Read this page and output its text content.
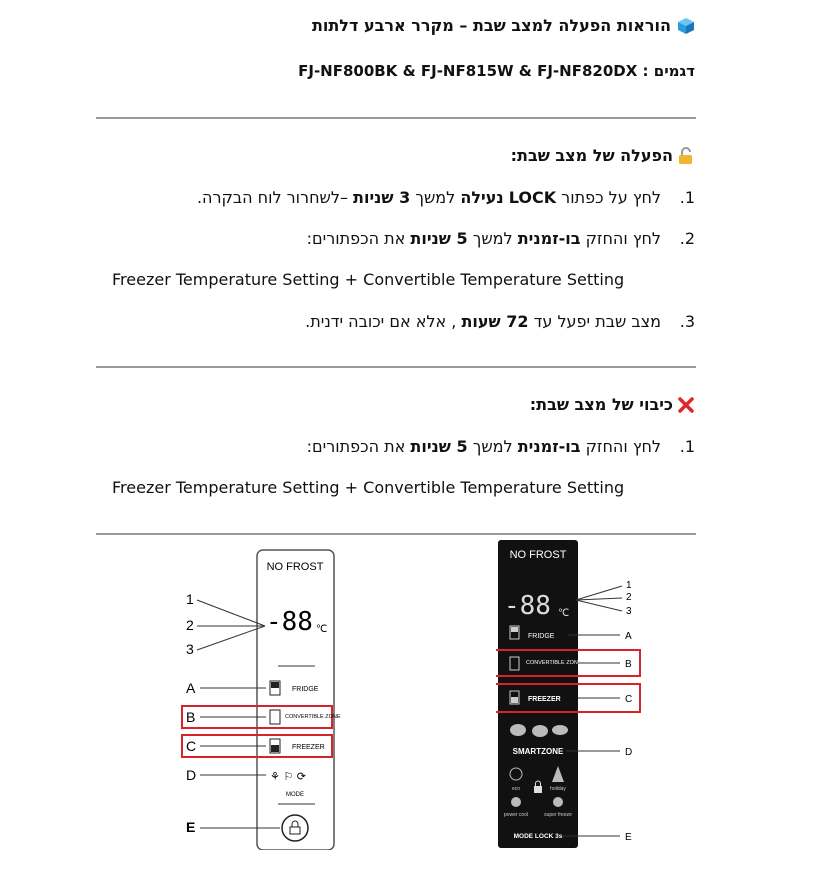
הוראות הפעלה למצב שבת – מקרר ארבע דלתות
דגמים : FJ-NF800BK & FJ-NF815W & FJ-NF820DX
הפעלה של מצב שבת:
1.לחץ על כפתור LOCK נעילה למשך 3 שניות –לשחרור לוח הבקרה.
2.לחץ והחזק בו-זמנית למשך 5 שניות את הכפתורים:
Freezer Temperature Setting + Convertible Temperature Setting
3.מצב שבת יפעל עד 72 שעות , אלא אם יכובה ידנית.
כיבוי של מצב שבת:
1.לחץ והחזק בו-זמנית למשך 5 שניות את הכפתורים:
Freezer Temperature Setting + Convertible Temperature Setting
NO FROST
-88 ℃
1
2
3
A	FRIDGE
B	CONVERTIBLE ZONE
C	FREEZER
D	⚘ ⚐ ⟳
MODE
E
NO FROST
-88 ℃
1
2
3
FRIDGE	A
CONVERTIBLE ZONE	B
FREEZER	C
SMARTZONE	D
eco	holiday
power cool	super freeze
MODE LOCK 3s	E
